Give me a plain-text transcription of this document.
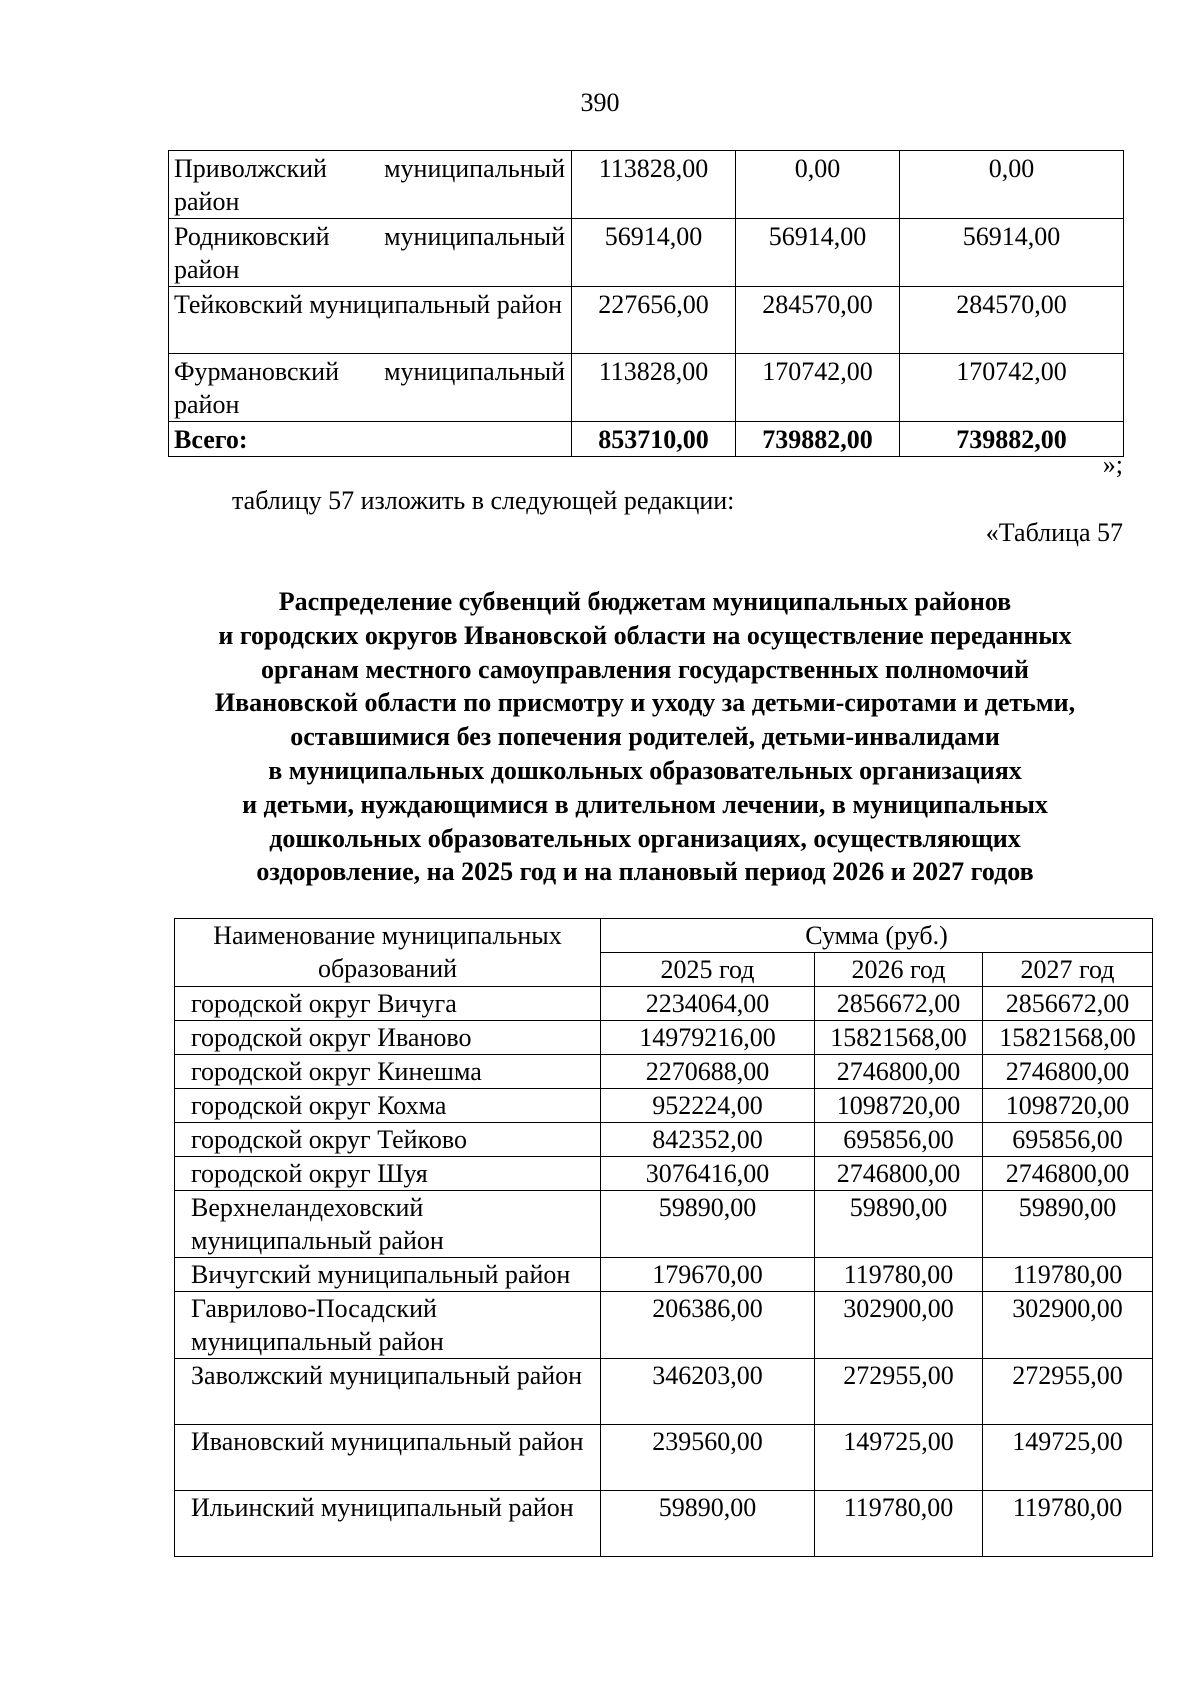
390
Приволжский муниципальный район	113828,00	0,00	0,00
Родниковский муниципальный район	56914,00	56914,00	56914,00
Тейковский муниципальный район	227656,00	284570,00	284570,00
Фурмановский муниципальный район	113828,00	170742,00	170742,00
Всего:	853710,00	739882,00	739882,00
»;
таблицу 57 изложить в следующей редакции:
«Таблица 57
Распределение субвенций бюджетам муниципальных районов
и городских округов Ивановской области на осуществление переданных
органам местного самоуправления государственных полномочий
Ивановской области по присмотру и уходу за детьми-сиротами и детьми,
оставшимися без попечения родителей, детьми-инвалидами
в муниципальных дошкольных образовательных организациях
и детьми, нуждающимися в длительном лечении, в муниципальных
дошкольных образовательных организациях, осуществляющих
оздоровление, на 2025 год и на плановый период 2026 и 2027 годов
Наименование муниципальных образований	Сумма (руб.)		
	2025 год	2026 год	2027 год
городской округ Вичуга	2234064,00	2856672,00	2856672,00
городской округ Иваново	14979216,00	15821568,00	15821568,00
городской округ Кинешма	2270688,00	2746800,00	2746800,00
городской округ Кохма	952224,00	1098720,00	1098720,00
городской округ Тейково	842352,00	695856,00	695856,00
городской округ Шуя	3076416,00	2746800,00	2746800,00
Верхнеландеховский муниципальный район	59890,00	59890,00	59890,00
Вичугский муниципальный район	179670,00	119780,00	119780,00
Гаврилово-Посадский муниципальный район	206386,00	302900,00	302900,00
Заволжский муниципальный район	346203,00	272955,00	272955,00
Ивановский муниципальный район	239560,00	149725,00	149725,00
Ильинский муниципальный район	59890,00	119780,00	119780,00
